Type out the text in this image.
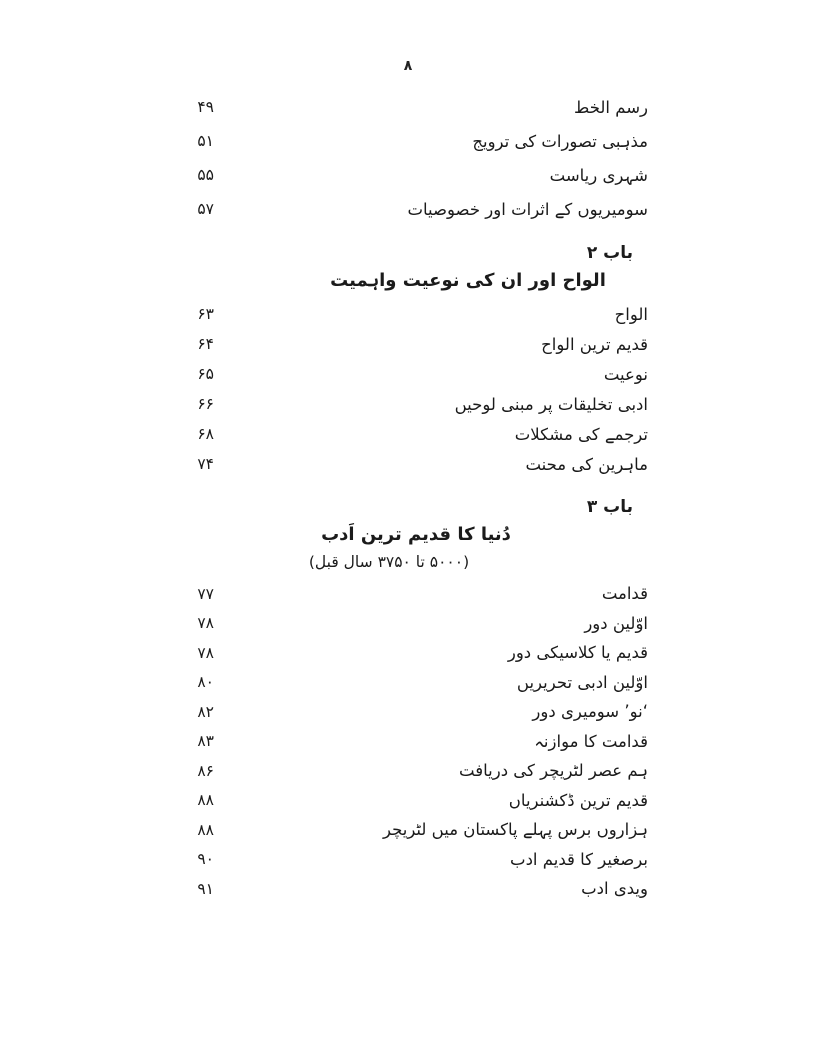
۸
رسم الخط
۴۹
مذہبی تصورات کی ترویج
۵۱
شہری ریاست
۵۵
سومیریوں کے اثرات اور خصوصیات
۵۷
باب ۲
الواح اور ان کی نوعیت واہمیت
الواح
۶۳
قدیم ترین الواح
۶۴
نوعیت
۶۵
ادبی تخلیقات پر مبنی لوحیں
۶۶
ترجمے کی مشکلات
۶۸
ماہرین کی محنت
۷۴
باب ۳
دُنیا کا قدیم ترین اَدب
(۵۰۰۰ تا ۳۷۵۰ سال قبل)
قدامت
۷۷
اوّلین دور
۷۸
قدیم یا کلاسیکی دور
۷۸
اوّلین ادبی تحریریں
۸۰
‘نو’ سومیری دور
۸۲
قدامت کا موازنہ
۸۳
ہم عصر لٹریچر کی دریافت
۸۶
قدیم ترین ڈکشنریاں
۸۸
ہزاروں برس پہلے پاکستان میں لٹریچر
۸۸
برصغیر کا قدیم ادب
۹۰
ویدی ادب
۹۱
